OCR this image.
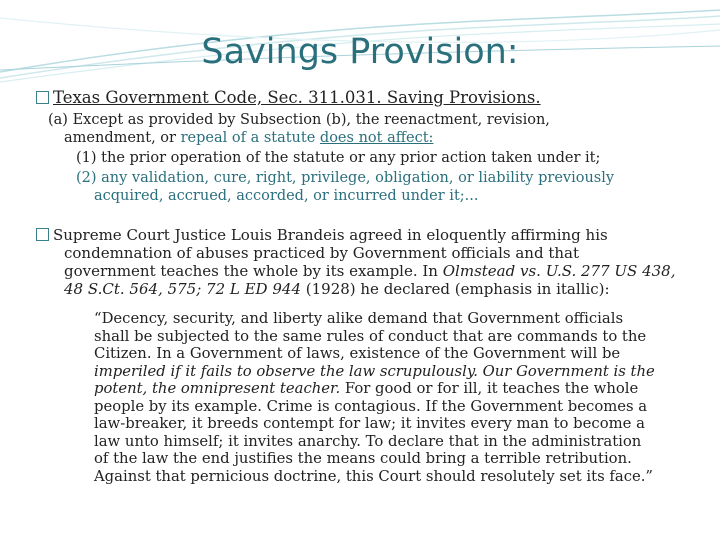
Savings Provision:
Texas Government Code, Sec. 311.031. Saving Provisions.
(a) Except as provided by Subsection (b), the reenactment, revision,
amendment, or repeal of a statute does not affect:
(1) the prior operation of the statute or any prior action taken under it;
(2) any validation, cure, right, privilege, obligation, or liability previously
acquired, accrued, accorded, or incurred under it;...
Supreme Court Justice Louis Brandeis agreed in eloquently affirming his
condemnation of abuses practiced by Government officials and that
government teaches the whole by its example. In Olmstead vs. U.S. 277 US 438,
48 S.Ct. 564, 575; 72 L ED 944 (1928) he declared (emphasis in itallic):
“Decency, security, and liberty alike demand that Government officials
shall be subjected to the same rules of conduct that are commands to the
Citizen. In a Government of laws, existence of the Government will be
imperiled if it fails to observe the law scrupulously. Our Government is the
potent, the omnipresent teacher. For good or for ill, it teaches the whole
people by its example. Crime is contagious. If the Government becomes a
law-breaker, it breeds contempt for law; it invites every man to become a
law unto himself; it invites anarchy. To declare that in the administration
of the law the end justifies the means could bring a terrible retribution.
Against that pernicious doctrine, this Court should resolutely set its face.”
